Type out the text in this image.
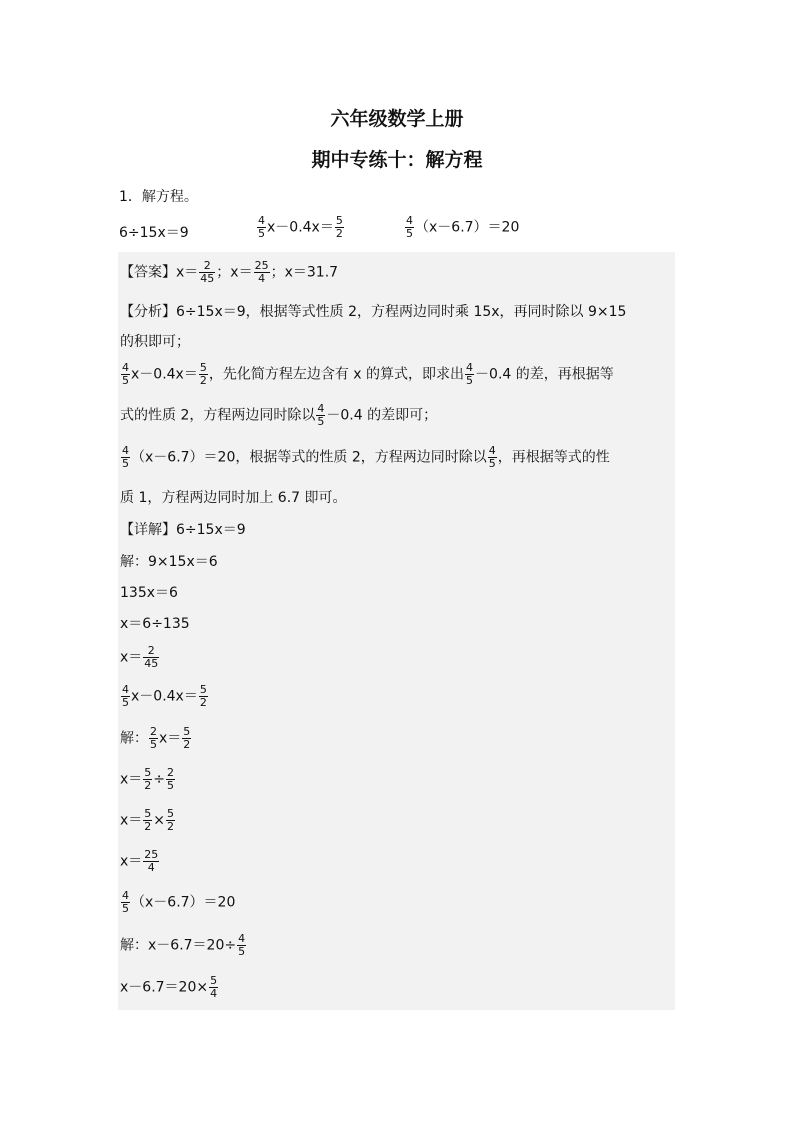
六年级数学上册
期中专练十：解方程
1．解方程。
6÷15x＝9	$\frac{4}{5} x-0.4x= \frac{5}{2}$	$\frac{4}{5} (x-6.7)=20$
【答案】$x= \frac{2}{45}$ ；$x= \frac{25}{4}$ ；x＝31.7
【分析】6÷15x＝9，根据等式性质 2，方程两边同时乘 15x，再同时除以 9×15
的积即可；
$\frac{4}{5} x-0.4x= \frac{5}{2}$ ，先化简方程左边含有 x 的算式，即求出 $\frac{4}{5} -0.4$ 的差，再根据等
式的性质 2，方程两边同时除以 $\frac{4}{5} -0.4$ 的差即可；
$\frac{4}{5} (x-6.7)=20$，根据等式的性质 2，方程两边同时除以 $\frac{4}{5}$ ，再根据等式的性
质 1，方程两边同时加上 6.7 即可。
【详解】6÷15x＝9
解：9×15x＝6
135x＝6
x＝6÷135
$x= \frac{2}{45}$
$\frac{4}{5} x-0.4x= \frac{5}{2}$
解： $\frac{2}{5} x= \frac{5}{2}$
$x= \frac{5}{2} \div \frac{2}{5}$
$x= \frac{5}{2} \times \frac{5}{2}$
$x= \frac{25}{4}$
$\frac{4}{5} (x-6.7)=20$
解：$x-6.7=20\div \frac{4}{5}$
$x-6.7=20\times \frac{5}{4}$
